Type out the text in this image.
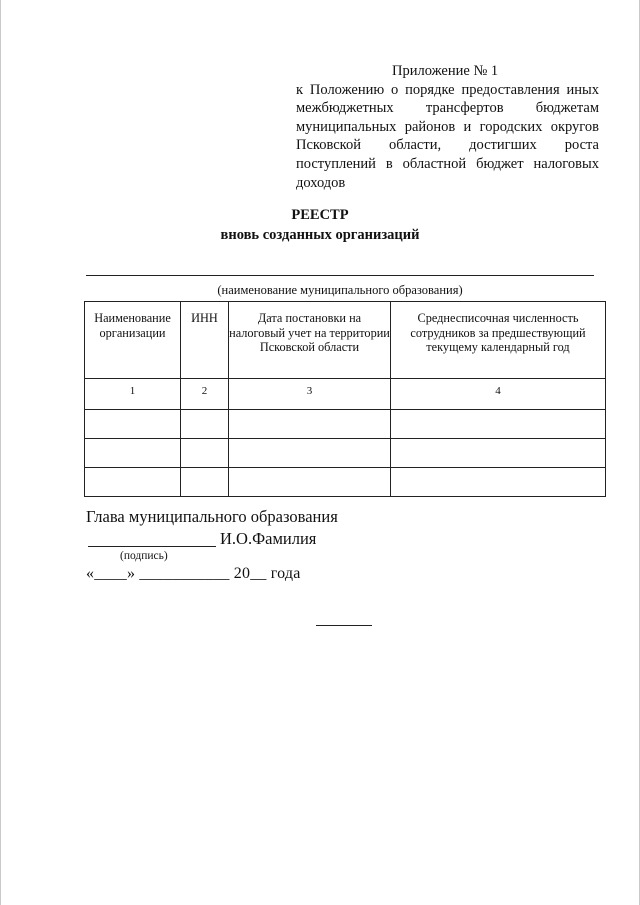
Приложение № 1
к Положению о порядке предоставления иных межбюджетных трансфертов бюджетам муниципальных районов и городских округов Псковской области, достигших роста поступлений в областной бюджет налоговых доходов
РЕЕСТР
вновь созданных организаций
(наименование муниципального образования)
Наименование организации	ИНН	Дата постановки на налоговый учет на территории Псковской области	Среднесписочная численность сотрудников за предшествующий текущему календарный год
1	2	3	4

Глава муниципального образования
И.О.Фамилия
(подпись)
«____» ___________ 20__ года
